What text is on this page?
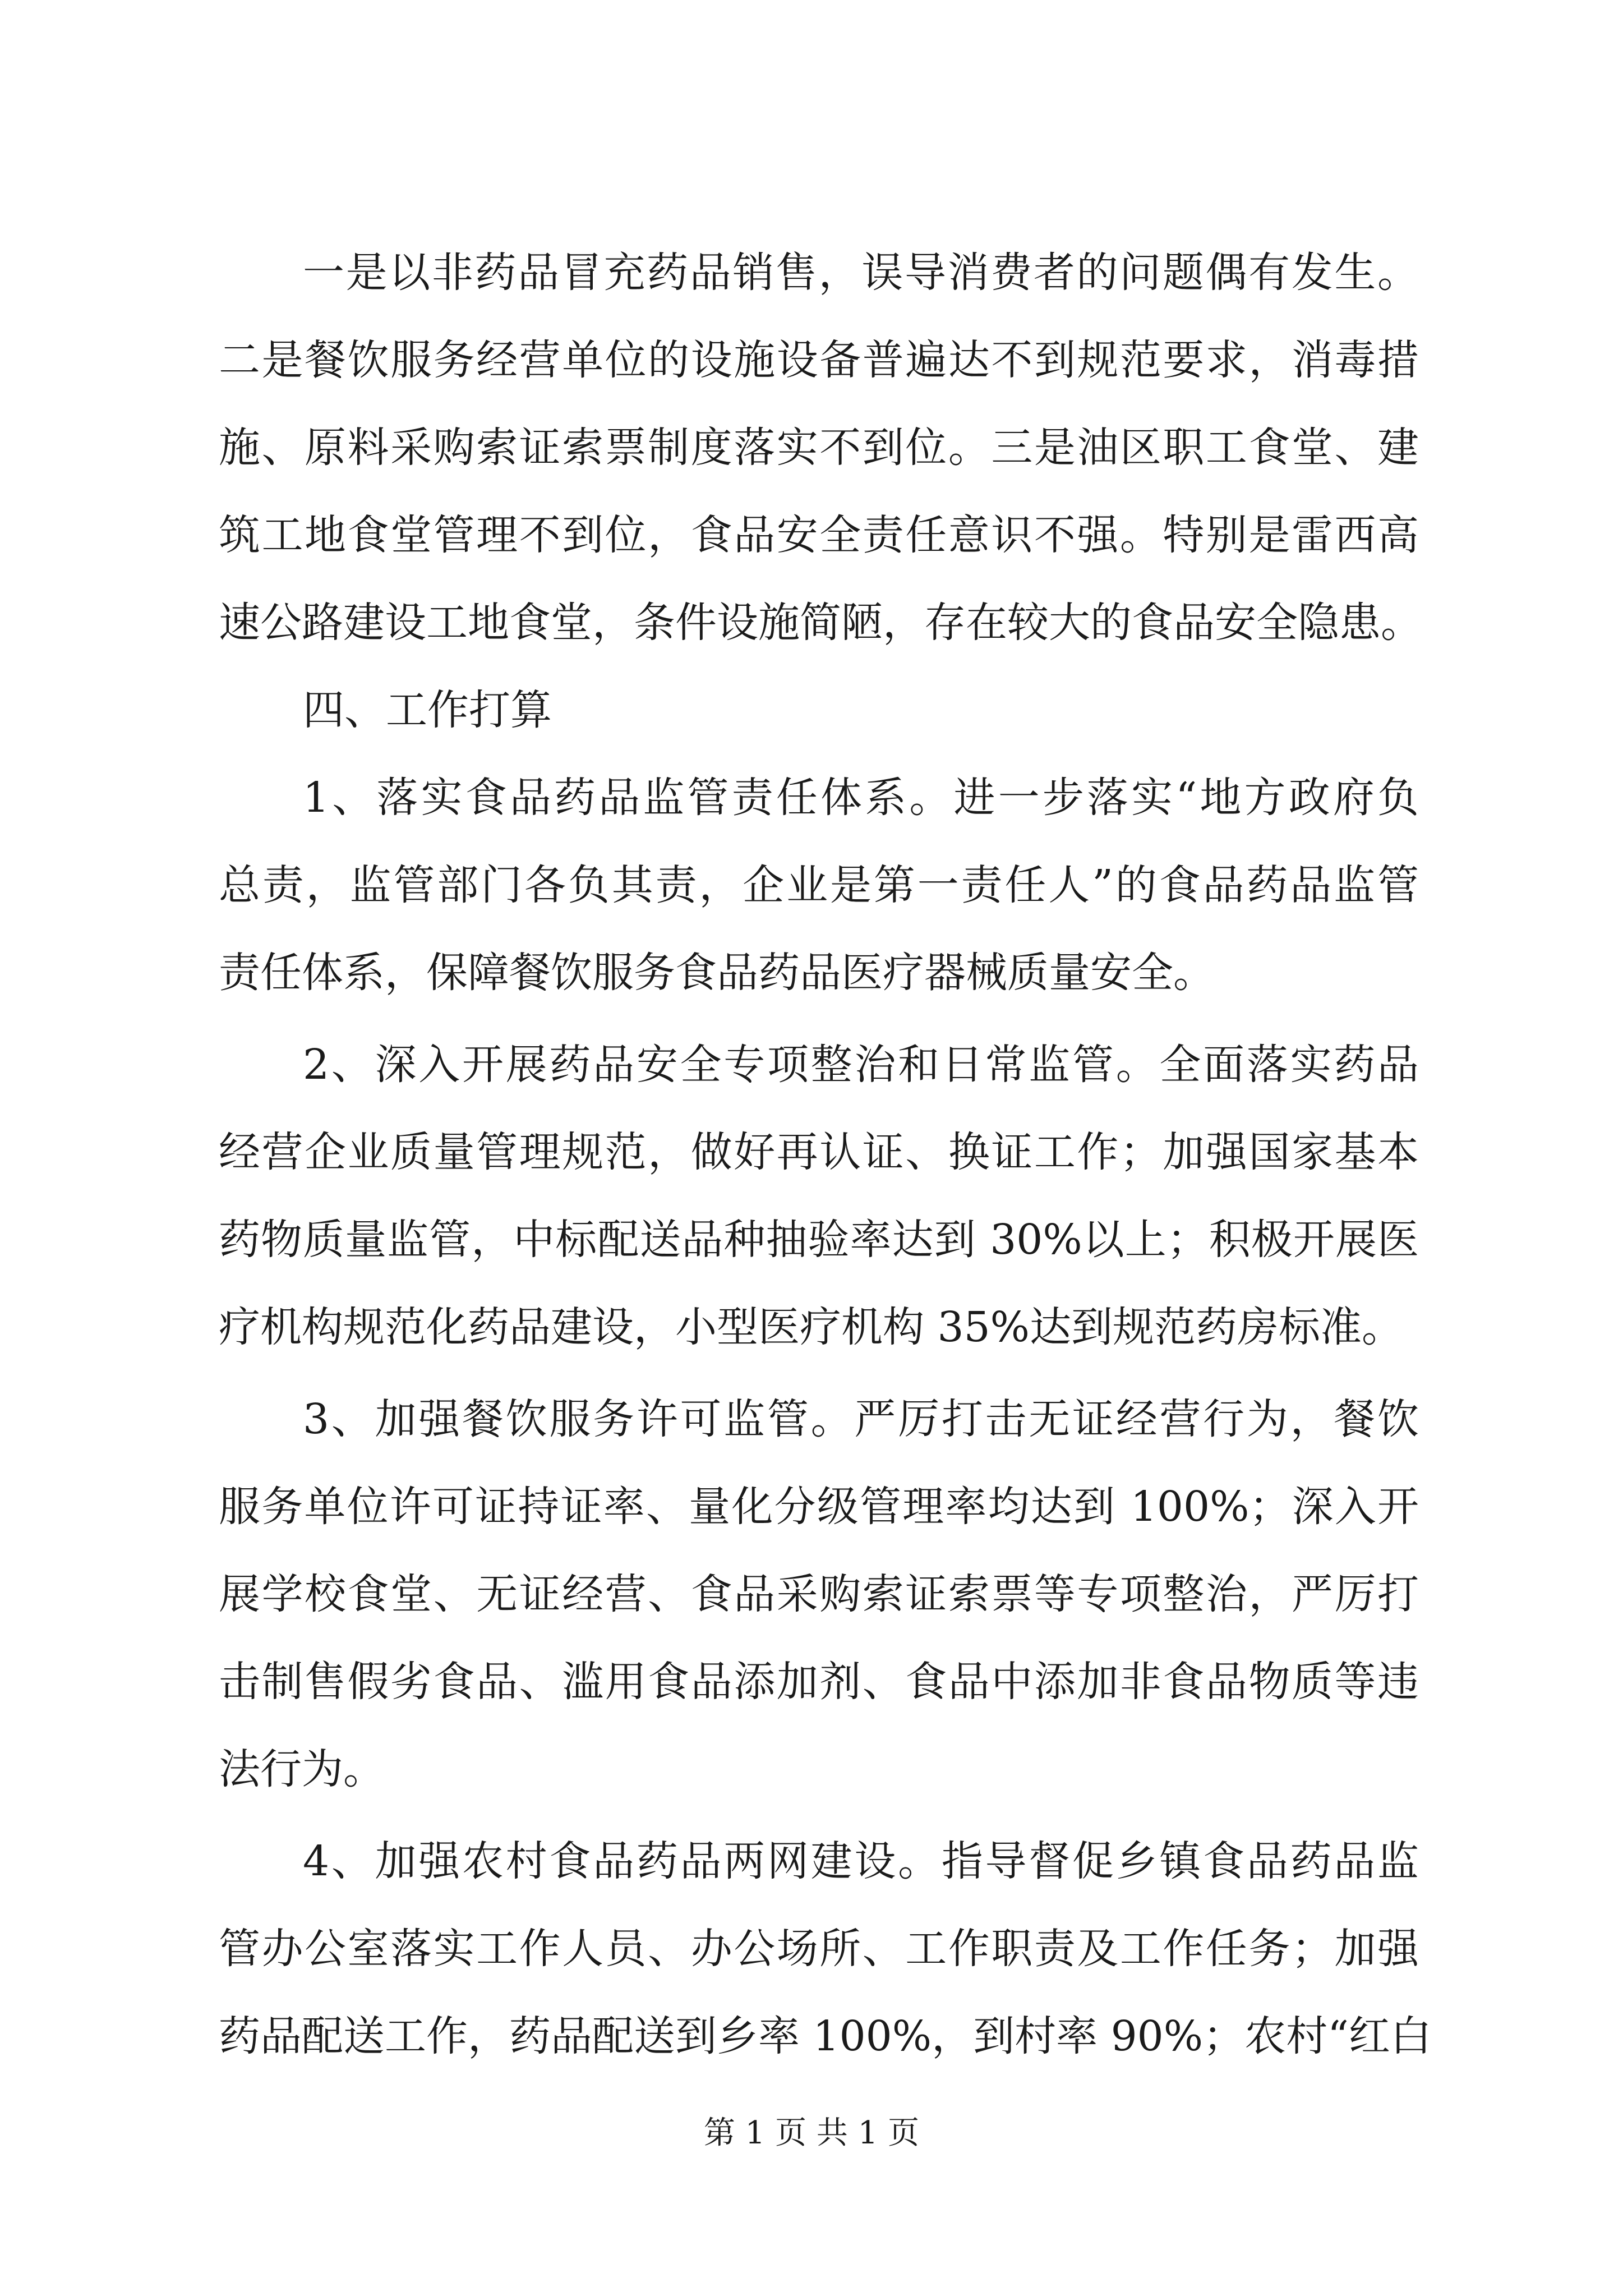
一是以非药品冒充药品销售，误导消费者的问题偶有发生。
二是餐饮服务经营单位的设施设备普遍达不到规范要求，消毒措
施、原料采购索证索票制度落实不到位。三是油区职工食堂、建
筑工地食堂管理不到位，食品安全责任意识不强。特别是雷西高
速公路建设工地食堂，条件设施简陋，存在较大的食品安全隐患。
四、工作打算
1、落实食品药品监管责任体系。进一步落实“地方政府负
总责，监管部门各负其责，企业是第一责任人”的食品药品监管
责任体系，保障餐饮服务食品药品医疗器械质量安全。
2、深入开展药品安全专项整治和日常监管。全面落实药品
经营企业质量管理规范，做好再认证、换证工作；加强国家基本
药物质量监管，中标配送品种抽验率达到 30%以上；积极开展医
疗机构规范化药品建设，小型医疗机构 35%达到规范药房标准。
3、加强餐饮服务许可监管。严厉打击无证经营行为，餐饮
服务单位许可证持证率、量化分级管理率均达到 100%；深入开
展学校食堂、无证经营、食品采购索证索票等专项整治，严厉打
击制售假劣食品、滥用食品添加剂、食品中添加非食品物质等违
法行为。
4、加强农村食品药品两网建设。指导督促乡镇食品药品监
管办公室落实工作人员、办公场所、工作职责及工作任务；加强
药品配送工作，药品配送到乡率 100%，到村率 90%；农村“红白
第 1 页 共 1 页
